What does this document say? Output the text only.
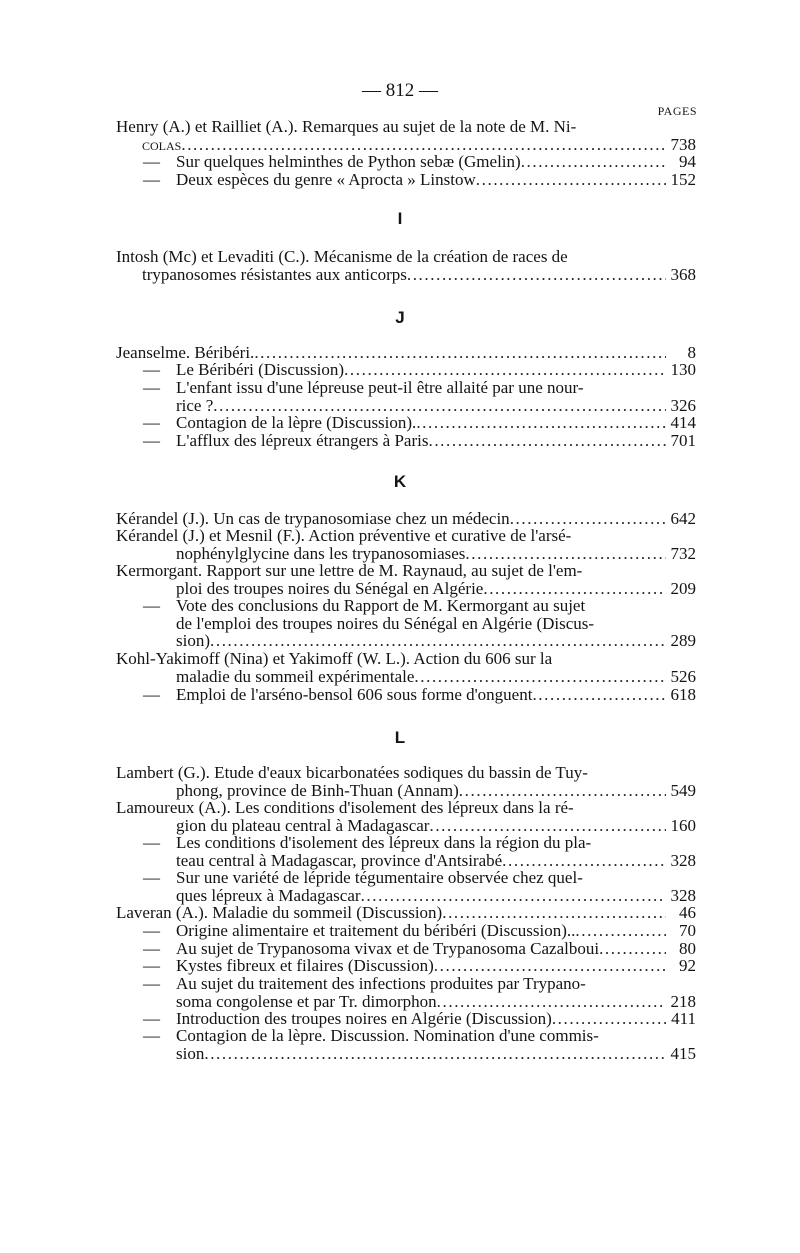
— 812 —
PAGES
Henry (A.) et Railliet (A.). Remarques au sujet de la note de M. Ni-
colas .....	738
— Sur quelques helminthes de Python sebæ (Gmelin) .....	94
— Deux espèces du genre « Aprocta » Linstow .....	152
I
Intosh (Mc) et Levaditi (C.). Mécanisme de la création de races de
trypanosomes résistantes aux anticorps .....	368
J
Jeanselme. Béribéri. .....	8
— Le Béribéri (Discussion) .....	130
— L'enfant issu d'une lépreuse peut-il être allaité par une nour-
rice ? .....	326
— Contagion de la lèpre (Discussion). .....	414
— L'afflux des lépreux étrangers à Paris .....	701
K
Kérandel (J.). Un cas de trypanosomiase chez un médecin .....	642
Kérandel (J.) et Mesnil (F.). Action préventive et curative de l'arsé-
nophénylglycine dans les trypanosomiases .....	732
Kermorgant. Rapport sur une lettre de M. Raynaud, au sujet de l'em-
ploi des troupes noires du Sénégal en Algérie .....	209
— Vote des conclusions du Rapport de M. Kermorgant au sujet
de l'emploi des troupes noires du Sénégal en Algérie (Discus-
sion) .....	289
Kohl-Yakimoff (Nina) et Yakimoff (W. L.). Action du 606 sur la
maladie du sommeil expérimentale .....	526
— Emploi de l'arséno-bensol 606 sous forme d'onguent .....	618
L
Lambert (G.). Etude d'eaux bicarbonatées sodiques du bassin de Tuy-
phong, province de Binh-Thuan (Annam) .....	549
Lamoureux (A.). Les conditions d'isolement des lépreux dans la ré-
gion du plateau central à Madagascar .....	160
— Les conditions d'isolement des lépreux dans la région du pla-
teau central à Madagascar, province d'Antsirabé .....	328
— Sur une variété de lépride tégumentaire observée chez quel-
ques lépreux à Madagascar .....	328
Laveran (A.). Maladie du sommeil (Discussion) .....	46
— Origine alimentaire et traitement du béribéri (Discussion).. .....	70
— Au sujet de Trypanosoma vivax et de Trypanosoma Cazalboui .....	80
— Kystes fibreux et filaires (Discussion) .....	92
— Au sujet du traitement des infections produites par Trypano-
soma congolense et par Tr. dimorphon .....	218
— Introduction des troupes noires en Algérie (Discussion) .....	411
— Contagion de la lèpre. Discussion. Nomination d'une commis-
sion .....	415
